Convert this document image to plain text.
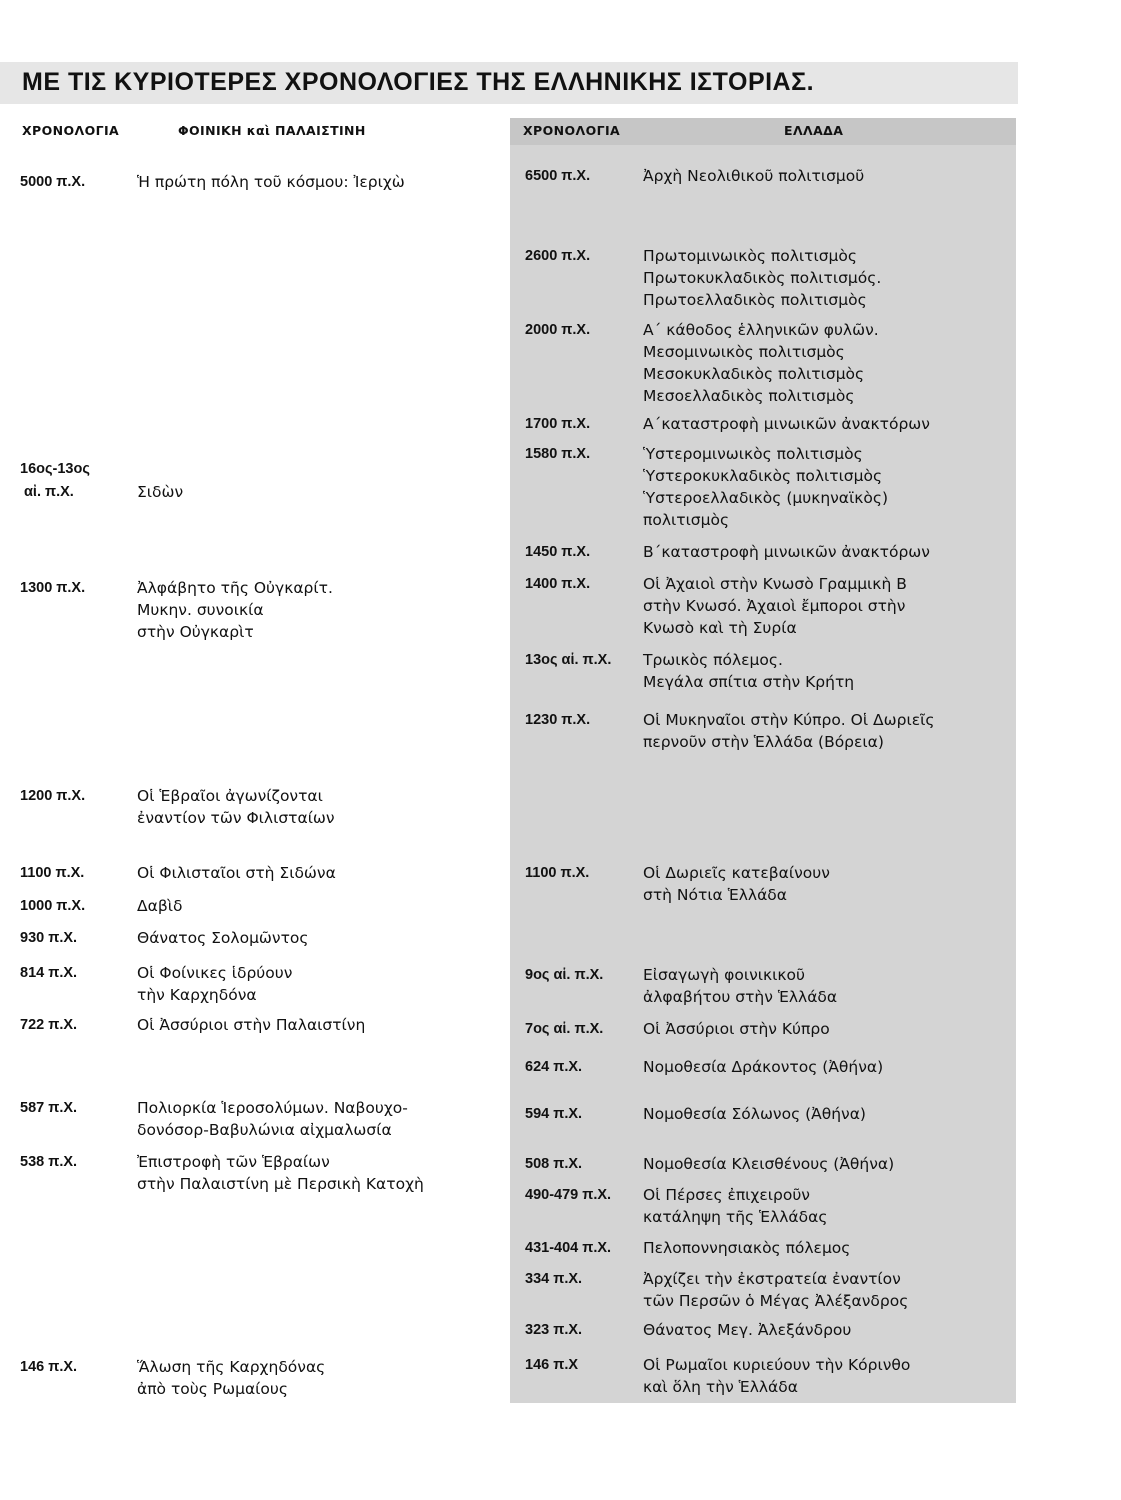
ΜΕ ΤΙΣ ΚΥΡΙΟΤΕΡΕΣ ΧΡΟΝΟΛΟΓΙΕΣ ΤΗΣ ΕΛΛΗΝΙΚΗΣ ΙΣΤΟΡΙΑΣ.
ΧΡΟΝΟΛΟΓΙΑ	ΦΟΙΝΙΚΗ καὶ ΠΑΛΑΙΣΤΙΝΗ	ΧΡΟΝΟΛΟΓΙΑ	ΕΛΛΑΔΑ
5000 π.Χ.	Ἡ πρώτη πόλη τοῦ κόσμου: Ἰεριχὼ
16ος-13ος
αἰ. π.Χ.	Σιδὼν
1300 π.Χ.	Ἀλφάβητο τῆς Οὐγκαρίτ.
Μυκην. συνοικία
στὴν Οὐγκαρὶτ
1200 π.Χ.	Οἱ Ἑβραῖοι ἀγωνίζονται
ἐναντίον τῶν Φιλισταίων
1100 π.Χ.	Οἱ Φιλισταῖοι στὴ Σιδώνα
1000 π.Χ.	Δαβὶδ
930 π.Χ.	Θάνατος Σολομῶντος
814 π.Χ.	Οἱ Φοίνικες ἱδρύουν
τὴν Καρχηδόνα
722 π.Χ.	Οἱ Ἀσσύριοι στὴν Παλαιστίνη
587 π.Χ.	Πολιορκία Ἱεροσολύμων. Ναβουχο-
δονόσορ-Βαβυλώνια αἰχμαλωσία
538 π.Χ.	Ἐπιστροφὴ τῶν Ἑβραίων
στὴν Παλαιστίνη μὲ Περσικὴ Κατοχὴ
146 π.Χ.	Ἅλωση τῆς Καρχηδόνας
ἀπὸ τοὺς Ρωμαίους
6500 π.Χ.	Ἀρχὴ Νεολιθικοῦ πολιτισμοῦ
2600 π.Χ.	Πρωτομινωικὸς πολιτισμὸς
Πρωτοκυκλαδικὸς πολιτισμός.
Πρωτοελλαδικὸς πολιτισμὸς
2000 π.Χ.	Α΄ κάθοδος ἑλληνικῶν φυλῶν.
Μεσομινωικὸς πολιτισμὸς
Μεσοκυκλαδικὸς πολιτισμὸς
Μεσοελλαδικὸς πολιτισμὸς
1700 π.Χ.	Α΄καταστροφὴ μινωικῶν ἀνακτόρων
1580 π.Χ.	Ὑστερομινωικὸς πολιτισμὸς
Ὑστεροκυκλαδικὸς πολιτισμὸς
Ὑστεροελλαδικὸς (μυκηναϊκὸς)
πολιτισμὸς
1450 π.Χ.	Β΄καταστροφὴ μινωικῶν ἀνακτόρων
1400 π.Χ.	Οἱ Ἀχαιοὶ στὴν Κνωσὸ Γραμμικὴ Β
στὴν Κνωσό. Ἀχαιοὶ ἔμποροι στὴν
Κνωσὸ καὶ τὴ Συρία
13ος αἱ. π.Χ. Τρωικὸς πόλεμος.
Μεγάλα σπίτια στὴν Κρήτη
1230 π.Χ.	Οἱ Μυκηναῖοι στὴν Κύπρο. Οἱ Δωριεῖς
περνοῦν στὴν Ἑλλάδα (Βόρεια)
1100 π.Χ.	Οἱ Δωριεῖς κατεβαίνουν
στὴ Νότια Ἑλλάδα
9ος αἱ. π.Χ.	Εἰσαγωγὴ φοινικικοῦ
ἀλφαβήτου στὴν Ἑλλάδα
7ος αἱ. π.Χ.	Οἱ Ἀσσύριοι στὴν Κύπρο
624 π.Χ.	Νομοθεσία Δράκοντος (Ἀθήνα)
594 π.Χ.	Νομοθεσία Σόλωνος (Ἀθήνα)
508 π.Χ.	Νομοθεσία Κλεισθένους (Ἀθήνα)
490-479 π.Χ. Οἱ Πέρσες ἐπιχειροῦν
κατάληψη τῆς Ἑλλάδας
431-404 π.Χ. Πελοποννησιακὸς πόλεμος
334 π.Χ.	Ἀρχίζει τὴν ἐκστρατεία ἐναντίον
τῶν Περσῶν ὁ Μέγας Ἀλέξανδρος
323 π.Χ.	Θάνατος Μεγ. Ἀλεξάνδρου
146 π.Χ	Οἱ Ρωμαῖοι κυριεύουν τὴν Κόρινθο
καὶ ὅλη τὴν Ἑλλάδα
